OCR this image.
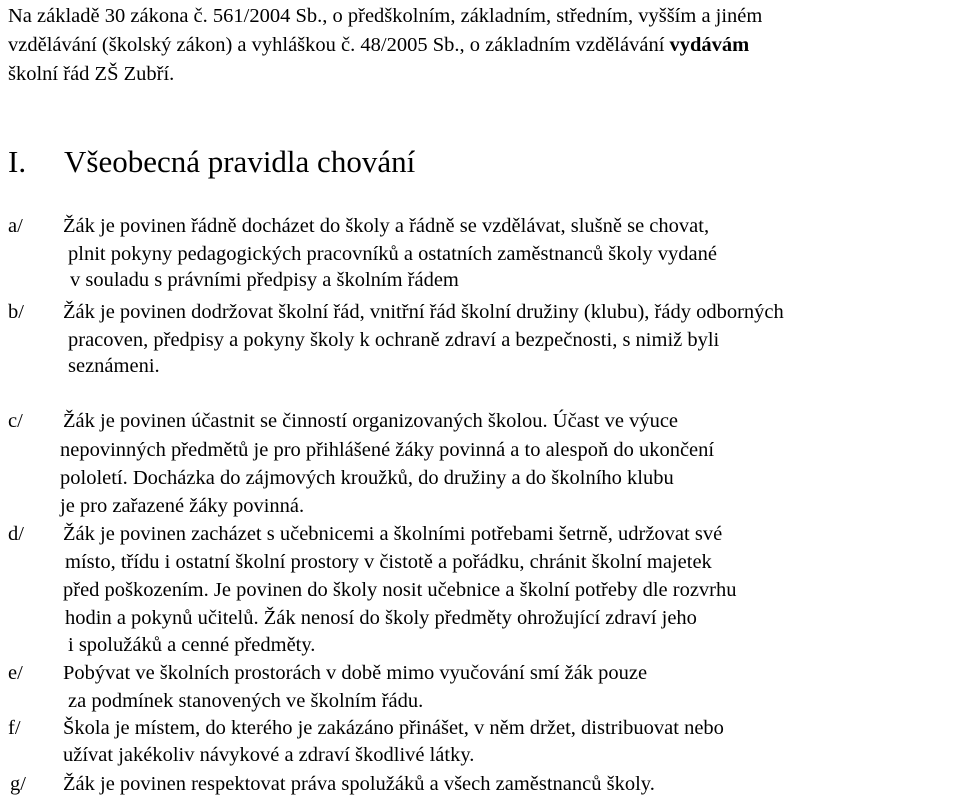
Na základě 30 zákona č. 561/2004 Sb., o předškolním, základním, středním, vyšším a jiném
vzdělávání (školský zákon) a vyhláškou č. 48/2005 Sb., o základním vzdělávání vydávám
školní řád ZŠ Zubří.
I. Všeobecná pravidla chování
a/ Žák je povinen řádně docházet do školy a řádně se vzdělávat, slušně se chovat,
plnit pokyny pedagogických pracovníků a ostatních zaměstnanců školy vydané
v souladu s právními předpisy a školním řádem
b/ Žák je povinen dodržovat školní řád, vnitřní řád školní družiny (klubu), řády odborných
pracoven, předpisy a pokyny školy k ochraně zdraví a bezpečnosti, s nimiž byli
seznámeni.
c/ Žák je povinen účastnit se činností organizovaných školou. Účast ve výuce
nepovinných předmětů je pro přihlášené žáky povinná a to alespoň do ukončení
pololetí. Docházka do zájmových kroužků, do družiny a do školního klubu
je pro zařazené žáky povinná.
d/ Žák je povinen zacházet s učebnicemi a školními potřebami šetrně, udržovat své
místo, třídu i ostatní školní prostory v čistotě a pořádku, chránit školní majetek
před poškozením. Je povinen do školy nosit učebnice a školní potřeby dle rozvrhu
hodin a pokynů učitelů. Žák nenosí do školy předměty ohrožující zdraví jeho
i spolužáků a cenné předměty.
e/ Pobývat ve školních prostorách v době mimo vyučování smí žák pouze
za podmínek stanovených ve školním řádu.
f/ Škola je místem, do kterého je zakázáno přinášet, v něm držet, distribuovat nebo
užívat jakékoliv návykové a zdraví škodlivé látky.
g/ Žák je povinen respektovat práva spolužáků a všech zaměstnanců školy.
